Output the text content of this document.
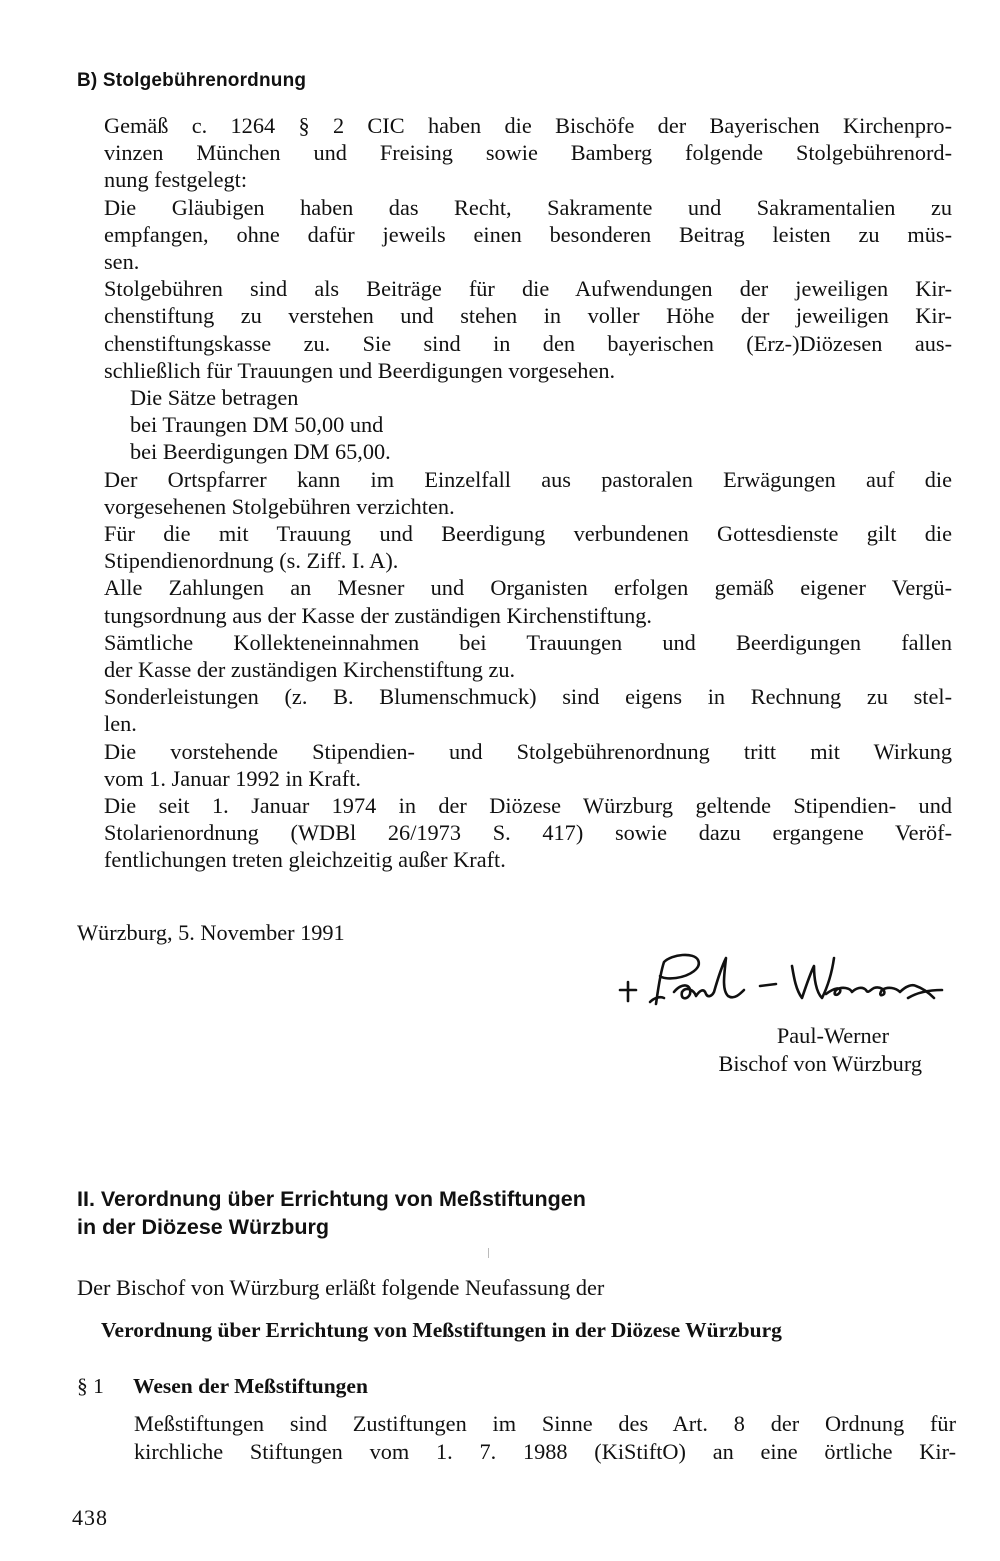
B) Stolgebührenordnung
Gemäß c. 1264 § 2 CIC haben die Bischöfe der Bayerischen Kirchenpro-
vinzen München und Freising sowie Bamberg folgende Stolgebührenord-
nung festgelegt:
Die Gläubigen haben das Recht, Sakramente und Sakramentalien zu
empfangen, ohne dafür jeweils einen besonderen Beitrag leisten zu müs-
sen.
Stolgebühren sind als Beiträge für die Aufwendungen der jeweiligen Kir-
chenstiftung zu verstehen und stehen in voller Höhe der jeweiligen Kir-
chenstiftungskasse zu. Sie sind in den bayerischen (Erz-)Diözesen aus-
schließlich für Trauungen und Beerdigungen vorgesehen.
Die Sätze betragen
bei Traungen DM 50,00 und
bei Beerdigungen DM 65,00.
Der Ortspfarrer kann im Einzelfall aus pastoralen Erwägungen auf die
vorgesehenen Stolgebühren verzichten.
Für die mit Trauung und Beerdigung verbundenen Gottesdienste gilt die
Stipendienordnung (s. Ziff. I. A).
Alle Zahlungen an Mesner und Organisten erfolgen gemäß eigener Vergü-
tungsordnung aus der Kasse der zuständigen Kirchenstiftung.
Sämtliche Kollekteneinnahmen bei Trauungen und Beerdigungen fallen
der Kasse der zuständigen Kirchenstiftung zu.
Sonderleistungen (z. B. Blumenschmuck) sind eigens in Rechnung zu stel-
len.
Die vorstehende Stipendien- und Stolgebührenordnung tritt mit Wirkung
vom 1. Januar 1992 in Kraft.
Die seit 1. Januar 1974 in der Diözese Würzburg geltende Stipendien- und
Stolarienordnung (WDBl 26/1973 S. 417) sowie dazu ergangene Veröf-
fentlichungen treten gleichzeitig außer Kraft.
Würzburg, 5. November 1991
Paul-Werner
Bischof von Würzburg
II. Verordnung über Errichtung von Meßstiftungen
in der Diözese Würzburg
Der Bischof von Würzburg erläßt folgende Neufassung der
Verordnung über Errichtung von Meßstiftungen in der Diözese Würzburg
§ 1 Wesen der Meßstiftungen
Meßstiftungen sind Zustiftungen im Sinne des Art. 8 der Ordnung für
kirchliche Stiftungen vom 1. 7. 1988 (KiStiftO) an eine örtliche Kir-
438
